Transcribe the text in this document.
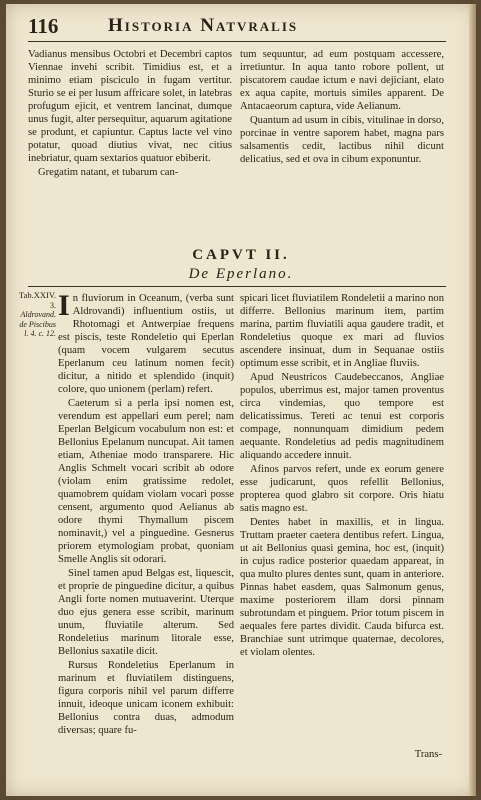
116	Historia Natvralis

Vadianus mensibus Octobri et Decembri captos Viennae invehi scribit. Timidius est, et a minimo etiam pisciculo in fugam vertitur. Sturio se ei per lusum affricare solet, in latebras profugum ejicit, et ventrem lancinat, dumque unus fugit, alter persequitur, aquarum agitatione se produnt, et capiuntur. Captus lacte vel vino potatur, quoad diutius vivat, nec citius inebriatur, quam sextarios quatuor ebiberit.

Gregatim natant, et tubarum can-

tum sequuntur, ad eum postquam accessere, irretiuntur. In aqua tanto robore pollent, ut piscatorem caudae ictum e navi dejiciant, elato ex aqua capite, mortuis similes apparent. De Antacaeorum captura, vide Aelianum.

Quantum ad usum in cibis, vitulinae in dorso, porcinae in ventre saporem habet, magna pars salsamentis cedit, lactibus nihil dicunt delicatius, sed et ova in cibum exponuntur.

CAPVT II.
De Eperlano.
Tab.XXIV.
3.
Aldrovand.
de Piscibus
l. 4. c. 12.

In fluviorum in Oceanum, (verba sunt Aldrovandi) influentium ostiis, ut Rhotomagi et Antwerpiae frequens est piscis, teste Rondeletio qui Eperlan (quam vocem vulgarem secutus Eperlanum ceu latinum nomen fecit) dicitur, a nitido et splendido (inquit) colore, quo unionem (perlam) refert.

Caeterum si a perla ipsi nomen est, verendum est appellari eum perel; nam Eperlan Belgicum vocabulum non est: et Bellonius Epelanum nuncupat. Ait tamen etiam, Atheniae modo transparere. Hic Anglis Schmelt vocari scribit ab odore (violam enim gratissime redolet, quamobrem quidam violam vocari posse censent, argumento quod Aelianus ab odore thymi Thymallum piscem nominavit,) vel a pinguedine. Gesnerus priorem etymologiam probat, quoniam Smelle Anglis sit odorari.

Sinel tamen apud Belgas est, liquescit, et proprie de pinguedine dicitur, a quibus Angli forte nomen mutuaverint. Uterque duo ejus genera esse scribit, marinum unum, fluviatile alterum. Sed Rondeletius marinum litorale esse, Bellonius saxatile dicit.

Rursus Rondeletius Eperlanum in marinum et fluviatilem distinguens, figura corporis nihil vel parum differre innuit, ideoque unicam iconem exhibuit: Bellonius contra duas, admodum diversas; quare fu-

spicari licet fluviatilem Rondeletii a marino non differre. Bellonius marinum item, partim marina, partim fluviatili aqua gaudere tradit, et Rondeletius quoque ex mari ad fluvios ascendere insinuat, dum in Sequanae ostiis optimum esse scribit, et in Angliae fluviis.

Apud Neustricos Caudebeccanos, Angliae populos, uberrimus est, major tamen proventus circa vindemias, quo tempore est delicatissimus. Tereti ac tenui est corporis compage, nonnunquam dimidium pedem aequante. Rondeletius ad pedis magnitudinem aliquando accedere innuit.

Afinos parvos refert, unde ex eorum genere esse judicarunt, quos refellit Bellonius, propterea quod glabro sit corpore. Oris hiatu satis magno est.

Dentes habet in maxillis, et in lingua. Truttam praeter caetera dentibus refert. Lingua, ut ait Bellonius quasi gemina, hoc est, (inquit) in cujus radice posterior quaedam appareat, in qua multo plures dentes sunt, quam in anteriore. Pinnas habet easdem, quas Salmonum genus, maxime posteriorem illam dorsi pinnam subrotundam et pinguem. Prior totum piscem in aequales fere partes dividit. Cauda bifurca est. Branchiae sunt utrimque quaternae, decolores, et violam olentes.

Trans-
